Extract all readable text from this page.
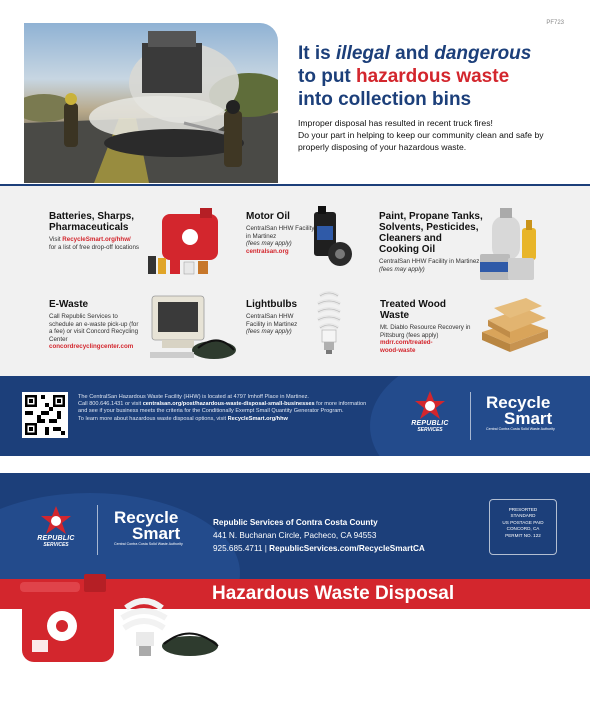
PF723
It is illegal and dangerous
to put hazardous waste
into collection bins
Improper disposal has resulted in recent truck fires!
Do your part in helping to keep our community clean and safe by properly disposing of your hazardous waste.
Batteries, Sharps, Pharmaceuticals

Visit RecycleSmart.org/hhw/
for a list of free drop-off locations

Motor Oil

CentralSan HHW Facility in Martinez
(fees may apply)
centralsan.org

Paint, Propane Tanks, Solvents, Pesticides, Cleaners and Cooking Oil

CentralSan HHW Facility in Martinez (fees may apply)

E-Waste

Call Republic Services to schedule an e-waste pick-up (for a fee) or visit Concord Recycling Center
concordrecyclingcenter.com

Lightbulbs

CentralSan HHW Facility in Martinez
(fees may apply)

Treated Wood Waste

Mt. Diablo Resource Recovery in Pittsburg (fees apply)
mdrr.com/treated-wood-waste

The CentralSan Hazardous Waste Facility (HHW) is located at 4797 Imhoff Place in Martinez.
Call 800.646.1431 or visit centralsan.org/post/hazardous-waste-disposal-small-businesses for more information and see if your business meets the criteria for the Conditionally Exempt Small Quantity Generator Program.
To learn more about hazardous waste disposal options, visit RecycleSmart.org/hhw
REPUBLIC
SERVICES
Recycle
Smart
Central Contra Costa Solid Waste Authority
REPUBLIC
SERVICES
Recycle
Smart
Central Contra Costa Solid Waste Authority
Republic Services of Contra Costa County
441 N. Buchanan Circle, Pacheco, CA 94553
925.685.4711 | RepublicServices.com/RecycleSmartCA
PRESORTED
STANDARD
US POSTAGE PAID
CONCORD, CA
PERMIT NO. 122
Hazardous Waste Disposal
